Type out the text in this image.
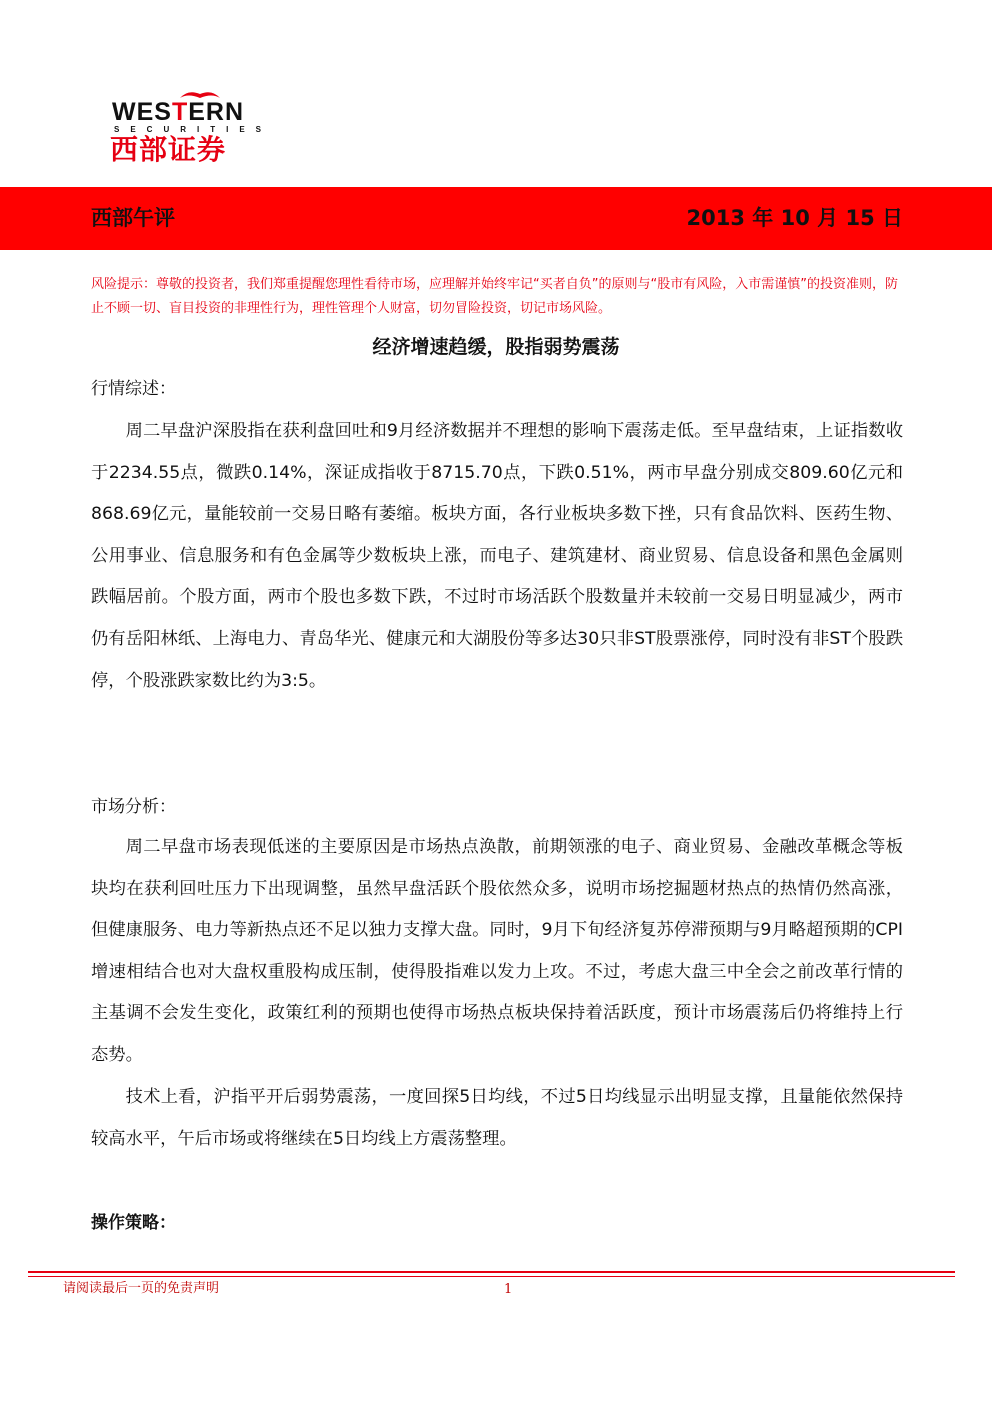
WESTERN
SECURITIES
西部证券
西部午评	2013 年 10 月 15 日
风险提示：尊敬的投资者，我们郑重提醒您理性看待市场，应理解并始终牢记“买者自负”的原则与“股市有风险，入市需谨慎”的投资准则，防止不顾一切、盲目投资的非理性行为，理性管理个人财富，切勿冒险投资，切记市场风险。
经济增速趋缓，股指弱势震荡
行情综述：

周二早盘沪深股指在获利盘回吐和9月经济数据并不理想的影响下震荡走低。至早盘结束，上证指数收于2234.55点，微跌0.14%，深证成指收于8715.70点，下跌0.51%，两市早盘分别成交809.60亿元和868.69亿元，量能较前一交易日略有萎缩。板块方面，各行业板块多数下挫，只有食品饮料、医药生物、公用事业、信息服务和有色金属等少数板块上涨，而电子、建筑建材、商业贸易、信息设备和黑色金属则跌幅居前。个股方面，两市个股也多数下跌，不过时市场活跃个股数量并未较前一交易日明显减少，两市仍有岳阳林纸、上海电力、青岛华光、健康元和大湖股份等多达30只非ST股票涨停，同时没有非ST个股跌停，个股涨跌家数比约为3:5。

市场分析：

周二早盘市场表现低迷的主要原因是市场热点涣散，前期领涨的电子、商业贸易、金融改革概念等板块均在获利回吐压力下出现调整，虽然早盘活跃个股依然众多，说明市场挖掘题材热点的热情仍然高涨，但健康服务、电力等新热点还不足以独力支撑大盘。同时，9月下旬经济复苏停滞预期与9月略超预期的CPI增速相结合也对大盘权重股构成压制，使得股指难以发力上攻。不过，考虑大盘三中全会之前改革行情的主基调不会发生变化，政策红利的预期也使得市场热点板块保持着活跃度，预计市场震荡后仍将维持上行态势。

技术上看，沪指平开后弱势震荡，一度回探5日均线，不过5日均线显示出明显支撑，且量能依然保持较高水平，午后市场或将继续在5日均线上方震荡整理。

操作策略：
请阅读最后一页的免责声明	1
